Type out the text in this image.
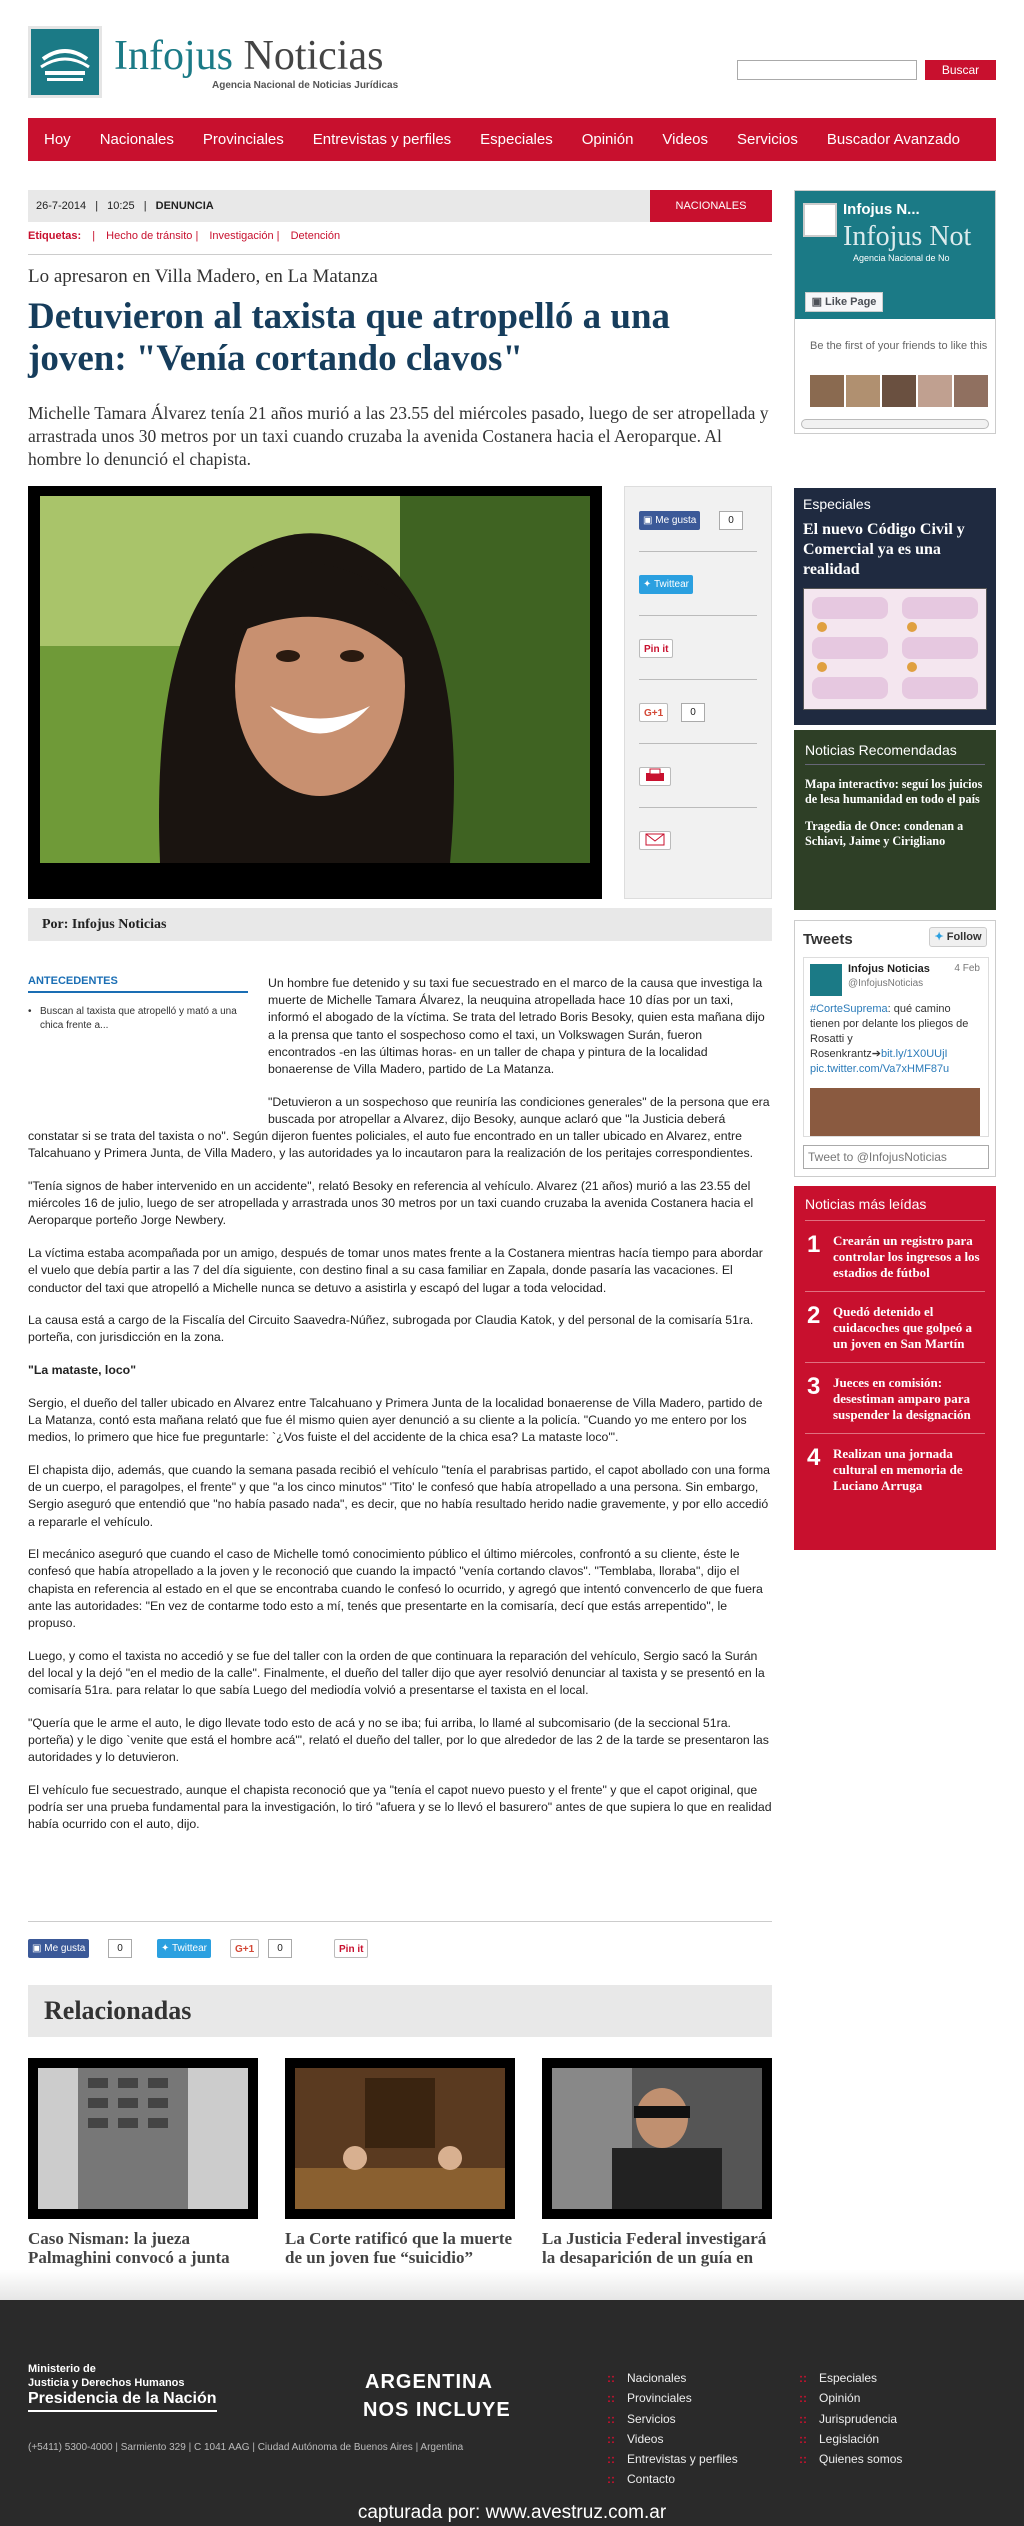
Infojus Noticias
Agencia Nacional de Noticias Jurídicas
Buscar
Hoy Nacionales Provinciales Entrevistas y perfiles Especiales Opinión Videos Servicios Buscador Avanzado
26-7-2014 | 10:25 | DENUNCIA	NACIONALES
Etiquetas: | Hecho de tránsito | Investigación | Detención
Lo apresaron en Villa Madero, en La Matanza
Detuvieron al taxista que atropelló a una joven: "Venía cortando clavos"
Michelle Tamara Álvarez tenía 21 años murió a las 23.55 del miércoles pasado, luego de ser atropellada y arrastrada unos 30 metros por un taxi cuando cruzaba la avenida Costanera hacia el Aeroparque. Al hombre lo denunció el chapista.
▣ Me gusta	0
✦ Twittear
Pin it
G+1	0
Por: Infojus Noticias

Un hombre fue detenido y su taxi fue secuestrado en el marco de la causa que investiga la muerte de Michelle Tamara Álvarez, la neuquina atropellada hace 10 días por un taxi, informó el abogado de la víctima. Se trata del letrado Boris Besoky, quien esta mañana dijo a la prensa que tanto el sospechoso como el taxi, un Volkswagen Surán, fueron encontrados -en las últimas horas- en un taller de chapa y pintura de la localidad bonaerense de Villa Madero, partido de La Matanza.

"Detuvieron a un sospechoso que reuniría las condiciones generales" de la persona que era buscada por atropellar a Alvarez, dijo Besoky, aunque aclaró que "la Justicia deberá constatar si se trata del taxista o no". Según dijeron fuentes policiales, el auto fue encontrado en un taller ubicado en Alvarez, entre Talcahuano y Primera Junta, de Villa Madero, y las autoridades ya lo incautaron para la realización de los peritajes correspondientes.

"Tenía signos de haber intervenido en un accidente", relató Besoky en referencia al vehículo. Alvarez (21 años) murió a las 23.55 del miércoles 16 de julio, luego de ser atropellada y arrastrada unos 30 metros por un taxi cuando cruzaba la avenida Costanera hacia el Aeroparque porteño Jorge Newbery.

La víctima estaba acompañada por un amigo, después de tomar unos mates frente a la Costanera mientras hacía tiempo para abordar el vuelo que debía partir a las 7 del día siguiente, con destino final a su casa familiar en Zapala, donde pasaría las vacaciones. El conductor del taxi que atropelló a Michelle nunca se detuvo a asistirla y escapó del lugar a toda velocidad.

La causa está a cargo de la Fiscalía del Circuito Saavedra-Núñez, subrogada por Claudia Katok, y del personal de la comisaría 51ra. porteña, con jurisdicción en la zona.

"La mataste, loco"

Sergio, el dueño del taller ubicado en Alvarez entre Talcahuano y Primera Junta de la localidad bonaerense de Villa Madero, partido de La Matanza, contó esta mañana relató que fue él mismo quien ayer denunció a su cliente a la policía. "Cuando yo me entero por los medios, lo primero que hice fue preguntarle: `¿Vos fuiste el del accidente de la chica esa? La mataste loco'".

El chapista dijo, además, que cuando la semana pasada recibió el vehículo "tenía el parabrisas partido, el capot abollado con una forma de un cuerpo, el paragolpes, el frente" y que "a los cinco minutos" 'Tito' le confesó que había atropellado a una persona. Sin embargo, Sergio aseguró que entendió que "no había pasado nada", es decir, que no había resultado herido nadie gravemente, y por ello accedió a repararle el vehículo.

El mecánico aseguró que cuando el caso de Michelle tomó conocimiento público el último miércoles, confrontó a su cliente, éste le confesó que había atropellado a la joven y le reconoció que cuando la impactó "venía cortando clavos". "Temblaba, lloraba", dijo el chapista en referencia al estado en el que se encontraba cuando le confesó lo ocurrido, y agregó que intentó convencerlo de que fuera ante las autoridades: "En vez de contarme todo esto a mí, tenés que presentarte en la comisaría, decí que estás arrepentido", le propuso.

Luego, y como el taxista no accedió y se fue del taller con la orden de que continuara la reparación del vehículo, Sergio sacó la Surán del local y la dejó "en el medio de la calle". Finalmente, el dueño del taller dijo que ayer resolvió denunciar al taxista y se presentó en la comisaría 51ra. para relatar lo que sabía Luego del mediodía volvió a presentarse el taxista en el local.

"Quería que le arme el auto, le digo llevate todo esto de acá y no se iba; fui arriba, lo llamé al subcomisario (de la seccional 51ra. porteña) y le digo `venite que está el hombre acá'", relató el dueño del taller, por lo que alrededor de las 2 de la tarde se presentaron las autoridades y lo detuvieron.

El vehículo fue secuestrado, aunque el chapista reconoció que ya "tenía el capot nuevo puesto y el frente" y que el capot original, que podría ser una prueba fundamental para la investigación, lo tiró "afuera y se lo llevó el basurero" antes de que supiera lo que en realidad había ocurrido con el auto, dijo.

ANTECEDENTES
• Buscan al taxista que atropelló y mató a una chica frente a...
▣ Me gusta	0	✦ Twittear	G+1	0	Pin it
Relacionadas
Caso Nisman: la jueza Palmaghini convocó a junta
La Corte ratificó que la muerte de un joven fue “suicidio”
La Justicia Federal investigará la desaparición de un guía en
Infojus N...
Infojus Not
Agencia Nacional de No
▣ Like Page
Be the first of your friends to like this
Especiales
El nuevo Código Civil y Comercial ya es una realidad
Noticias Recomendadas
Mapa interactivo: seguí los juicios de lesa humanidad en todo el país
Tragedia de Once: condenan a Schiavi, Jaime y Cirigliano
Tweets	✦ Follow
Infojus Noticias 4 Feb
@InfojusNoticias
#CorteSuprema: qué camino tienen por delante los pliegos de Rosatti y Rosenkrantz➔bit.ly/1X0UUjI pic.twitter.com/Va7xHMF87u
Tweet to @InfojusNoticias
Noticias más leídas
1 Crearán un registro para controlar los ingresos a los estadios de fútbol
2 Quedó detenido el cuidacoches que golpeó a un joven en San Martín
3 Jueces en comisión: desestiman amparo para suspender la designación
4 Realizan una jornada cultural en memoria de Luciano Arruga
Ministerio de
Justicia y Derechos Humanos
Presidencia de la Nación
(+5411) 5300-4000 | Sarmiento 329 | C 1041 AAG | Ciudad Autónoma de Buenos Aires | Argentina
ARGENTINA
NOS INCLUYE
:: Nacionales
:: Provinciales
:: Servicios
:: Videos
:: Entrevistas y perfiles
:: Contacto
:: Especiales
:: Opinión
:: Jurisprudencia
:: Legislación
:: Quienes somos
capturada por: www.avestruz.com.ar
